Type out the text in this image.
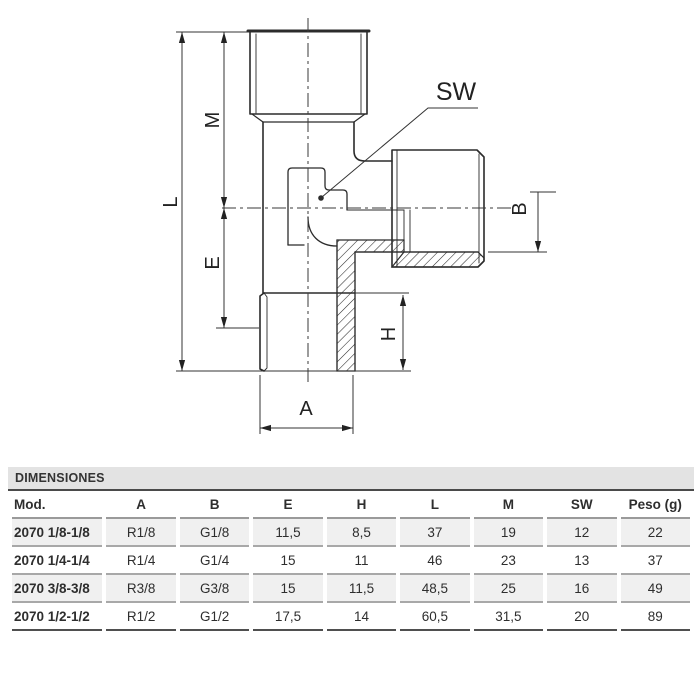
L
M
E
H
B
A
SW
DIMENSIONES
Mod.	A	B	E	H	L	M	SW	Peso (g)
2070 1/8-1/8	R1/8	G1/8	11,5	8,5	37	19	12	22
2070 1/4-1/4	R1/4	G1/4	15	11	46	23	13	37
2070 3/8-3/8	R3/8	G3/8	15	11,5	48,5	25	16	49
2070 1/2-1/2	R1/2	G1/2	17,5	14	60,5	31,5	20	89
